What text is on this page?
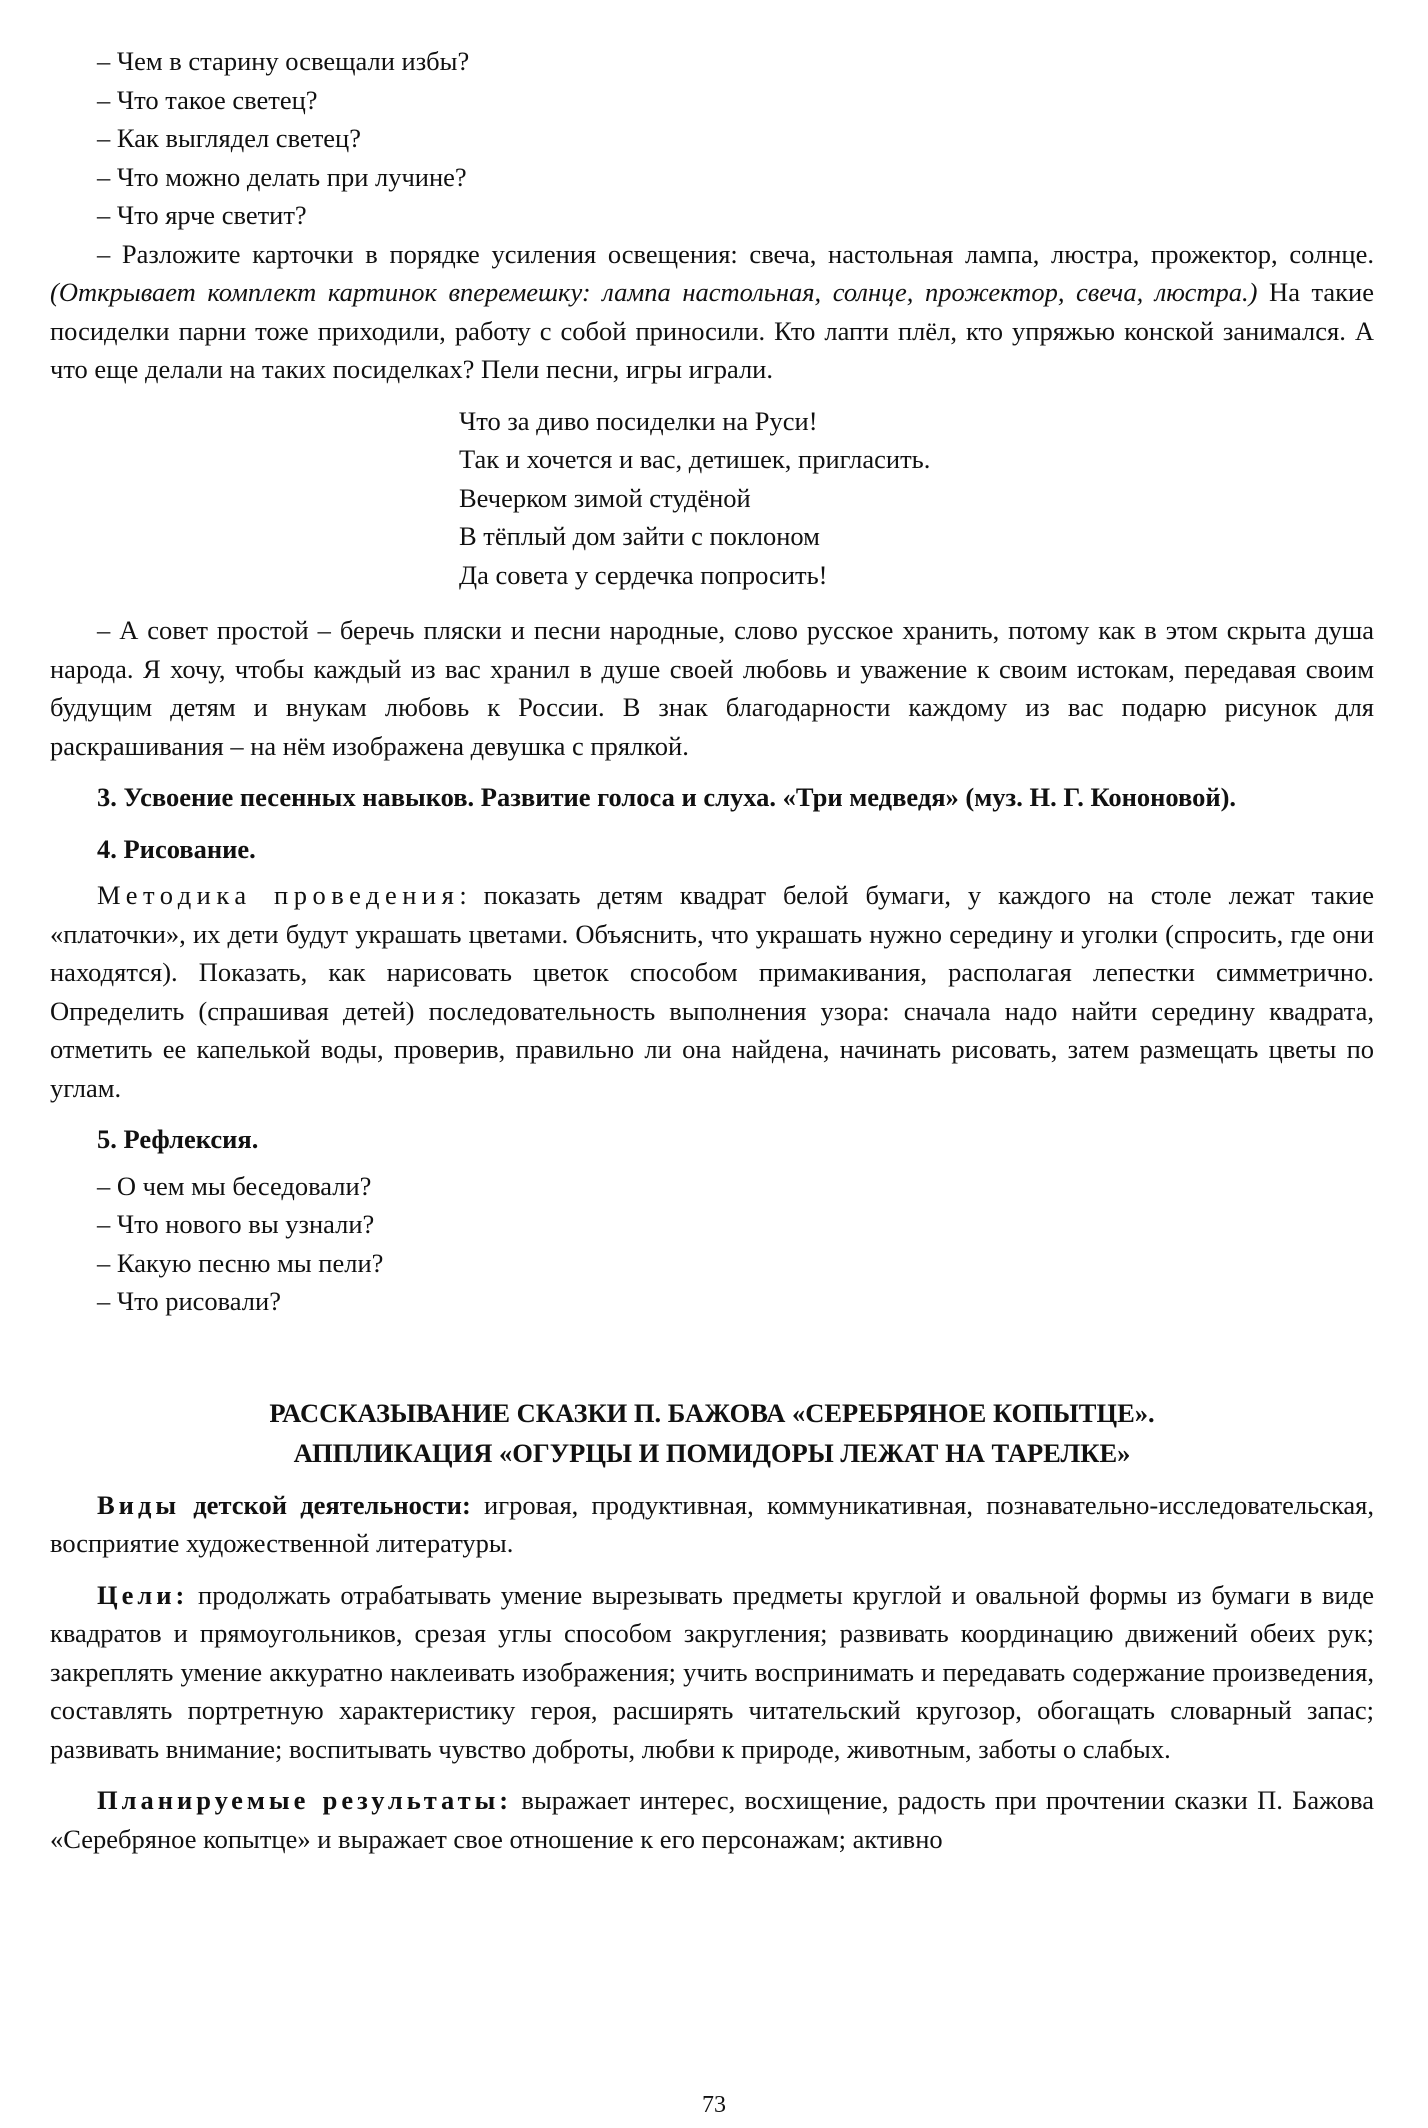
– Чем в старину освещали избы?

– Что такое светец?

– Как выглядел светец?

– Что можно делать при лучине?

– Что ярче светит?

– Разложите карточки в порядке усиления освещения: свеча, настольная лампа, люстра, прожектор, солнце. (Открывает комплект картинок вперемешку: лампа настольная, солнце, прожектор, свеча, люстра.) На такие посиделки парни тоже приходили, работу с собой приносили. Кто лапти плёл, кто упряжью конской занимался. А что еще делали на таких посиделках? Пели песни, игры играли.

Что за диво посиделки на Руси!
Так и хочется и вас, детишек, пригласить.
Вечерком зимой студёной
В тёплый дом зайти с поклоном
Да совета у сердечка попросить!

– А совет простой – беречь пляски и песни народные, слово русское хранить, потому как в этом скрыта душа народа. Я хочу, чтобы каждый из вас хранил в душе своей любовь и уважение к своим истокам, передавая своим будущим детям и внукам любовь к России. В знак благодарности каждому из вас подарю рисунок для раскрашивания – на нём изображена девушка с прялкой.

3. Усвоение песенных навыков. Развитие голоса и слуха. «Три медведя» (муз. Н. Г. Кононовой).

4. Рисование.

Методика проведения: показать детям квадрат белой бумаги, у каждого на столе лежат такие «платочки», их дети будут украшать цветами. Объяснить, что украшать нужно середину и уголки (спросить, где они находятся). Показать, как нарисовать цветок способом примакивания, располагая лепестки симметрично. Определить (спрашивая детей) последовательность выполнения узора: сначала надо найти середину квадрата, отметить ее капелькой воды, проверив, правильно ли она найдена, начинать рисовать, затем размещать цветы по углам.

5. Рефлексия.

– О чем мы беседовали?

– Что нового вы узнали?

– Какую песню мы пели?

– Что рисовали?

РАССКАЗЫВАНИЕ СКАЗКИ П. БАЖОВА «СЕРЕБРЯНОЕ КОПЫТЦЕ».
АППЛИКАЦИЯ «ОГУРЦЫ И ПОМИДОРЫ ЛЕЖАТ НА ТАРЕЛКЕ»

Виды детской деятельности: игровая, продуктивная, коммуникативная, познавательно-исследовательская, восприятие художественной литературы.

Цели: продолжать отрабатывать умение вырезывать предметы круглой и овальной формы из бумаги в виде квадратов и прямоугольников, срезая углы способом закругления; развивать координацию движений обеих рук; закреплять умение аккуратно наклеивать изображения; учить воспринимать и передавать содержание произведения, составлять портретную характеристику героя, расширять читательский кругозор, обогащать словарный запас; развивать внимание; воспитывать чувство доброты, любви к природе, животным, заботы о слабых.

Планируемые результаты: выражает интерес, восхищение, радость при прочтении сказки П. Бажова «Серебряное копытце» и выражает свое отношение к его персонажам; активно

73
